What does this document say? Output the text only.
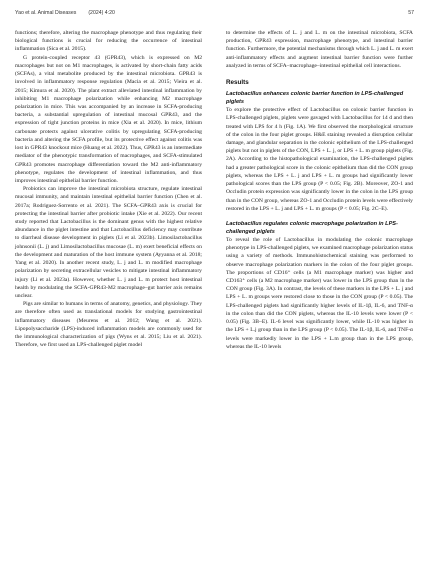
Yao et al. Animal Diseases (2024) 4:20	57

functions; therefore, altering the macrophage phenotype and thus regulating their biological functions is crucial for reducing the occurrence of intestinal inflammation (Sica et al. 2015).

G protein-coupled receptor 43 (GPR43), which is expressed on M2 macrophages but not on M1 macrophages, is activated by short-chain fatty acids (SCFAs), a vital metabolite produced by the intestinal microbiota. GPR43 is involved in inflammatory response regulation (Macia et al. 2015; Vieira et al. 2015; Kimura et al. 2020). The plant extract alleviated intestinal inflammation by inhibiting M1 macrophage polarization while enhancing M2 macrophage polarization in mice. This was accompanied by an increase in SCFA-producing bacteria, a substantial upregulation of intestinal mucosal GPR43, and the expression of tight junction proteins in mice (Xia et al. 2020). In mice, lithium carbonate protects against ulcerative colitis by upregulating SCFA-producing bacteria and altering the SCFA profile, but its protective effect against colitis was lost in GPR43 knockout mice (Huang et al. 2022). Thus, GPR43 is an intermediate mediator of the phenotypic transformation of macrophages, and SCFA-stimulated GPR43 promotes macrophage differentiation toward the M2 anti-inflammatory phenotype, regulates the development of intestinal inflammation, and thus improves intestinal epithelial barrier function.

Probiotics can improve the intestinal microbiota structure, regulate intestinal mucosal immunity, and maintain intestinal epithelial barrier function (Chen et al. 2017a; Rodriguez-Sorrento et al. 2021). The SCFA–GPR43 axis is crucial for protecting the intestinal barrier after probiotic intake (Xie et al. 2022). Our recent study reported that Lactobacillus is the dominant genus with the highest relative abundance in the piglet intestine and that Lactobacillus deficiency may contribute to diarrheal disease development in piglets (Li et al. 2023b). Limosilactobacillus johnsonii (L. j) and Limosilactobacillus mucosae (L. m) exert beneficial effects on the development and maturation of the host immune system (Ayyanna et al. 2018; Yang et al. 2020). In another recent study, L. j and L. m modified macrophage polarization by secreting extracellular vesicles to mitigate intestinal inflammatory injury (Li et al. 2023a). However, whether L. j and L. m protect host intestinal health by modulating the SCFA-GPR43-M2 macrophage–gut barrier axis remains unclear.

Pigs are similar to humans in terms of anatomy, genetics, and physiology. They are therefore often used as translational models for studying gastrointestinal inflammatory diseases (Meurens et al. 2012; Wang et al. 2021). Lipopolysaccharide (LPS)-induced inflammation models are commonly used for the immunological characterization of pigs (Wyns et al. 2015; Liu et al. 2021). Therefore, we first used an LPS-challenged piglet model

to determine the effects of L. j and L. m on the intestinal microbiota, SCFA production, GPR43 expression, macrophage phenotype, and intestinal barrier function. Furthermore, the potential mechanisms through which L. j and L. m exert anti-inflammatory effects and augment intestinal barrier function were further analyzed in terms of SCFA–macrophage–intestinal epithelial cell interactions.

Results
Lactobacillus enhances colonic barrier function in LPS-challenged piglets

To explore the protective effect of Lactobacillus on colonic barrier function in LPS-challenged piglets, piglets were gavaged with Lactobacillus for 14 d and then treated with LPS for 4 h (Fig. 1A). We first observed the morphological structure of the colon in the four piglet groups. H&E staining revealed a disruption cellular damage, and glandular separation in the colonic epithelium of the LPS-challenged piglets but not in piglets of the CON, LPS + L. j, or LPS + L. m group piglets (Fig. 2A). According to the histopathological examination, the LPS-challenged piglets had a greater pathological score in the colonic epithelium than did the CON group piglets, whereas the LPS + L. j and LPS + L. m groups had significantly lower pathological scores than the LPS group (P < 0.05; Fig. 2B). Moreover, ZO-1 and Occludin protein expression was significantly lower in the colon in the LPS group than in the CON group, whereas ZO-1 and Occludin protein levels were effectively restored in the LPS + L. j and LPS + L. m groups (P < 0.05; Fig. 2C–E).

Lactobacillus regulates colonic macrophage polarization in LPS-challenged piglets

To reveal the role of Lactobacillus in modulating the colonic macrophage phenotype in LPS-challenged piglets, we examined macrophage polarization status using a variety of methods. Immunohistochemical staining was performed to observe macrophage polarization markers in the colon of the four piglet groups. The proportions of CD16⁺ cells (a M1 macrophage marker) was higher and CD163⁺ cells (a M2 macrophage marker) was lower in the LPS group than in the CON group (Fig. 3A). In contrast, the levels of these markers in the LPS + L. j and LPS + L. m groups were restored close to those in the CON group (P < 0.05). The LPS-challenged piglets had significantly higher levels of IL-1β, IL-6, and TNF-α in the colon than did the CON piglets, whereas the IL-10 levels were lower (P < 0.05) (Fig. 3B–E). IL-6 level was significantly lower, while IL-10 was higher in the LPS + L.j group than in the LPS group (P < 0.05). The IL-1β, IL-6, and TNF-α levels were markedly lower in the LPS + L.m group than in the LPS group, whereas the IL-10 levels
